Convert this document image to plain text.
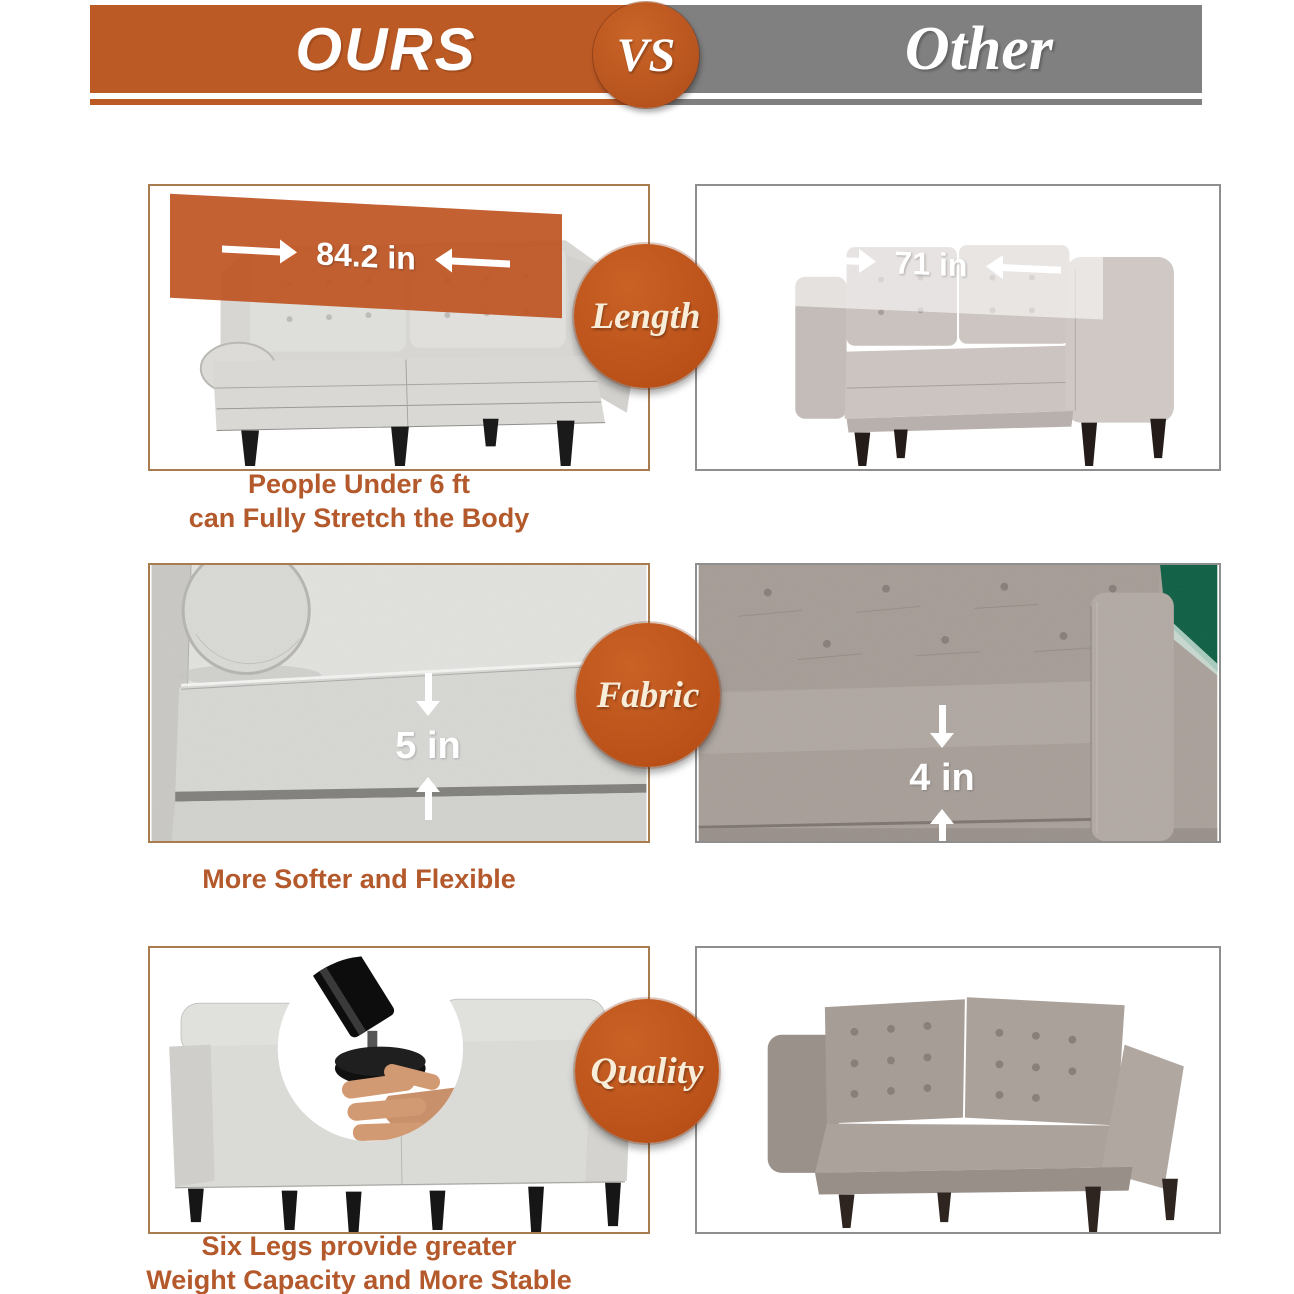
OURS	Other
VS
84.2 in	71 in
Length
People Under 6 ft
can Fully Stretch the Body
5 in
4 in
Fabric
More Softer and Flexible
Quality
Six Legs provide greater
Weight Capacity and More Stable
